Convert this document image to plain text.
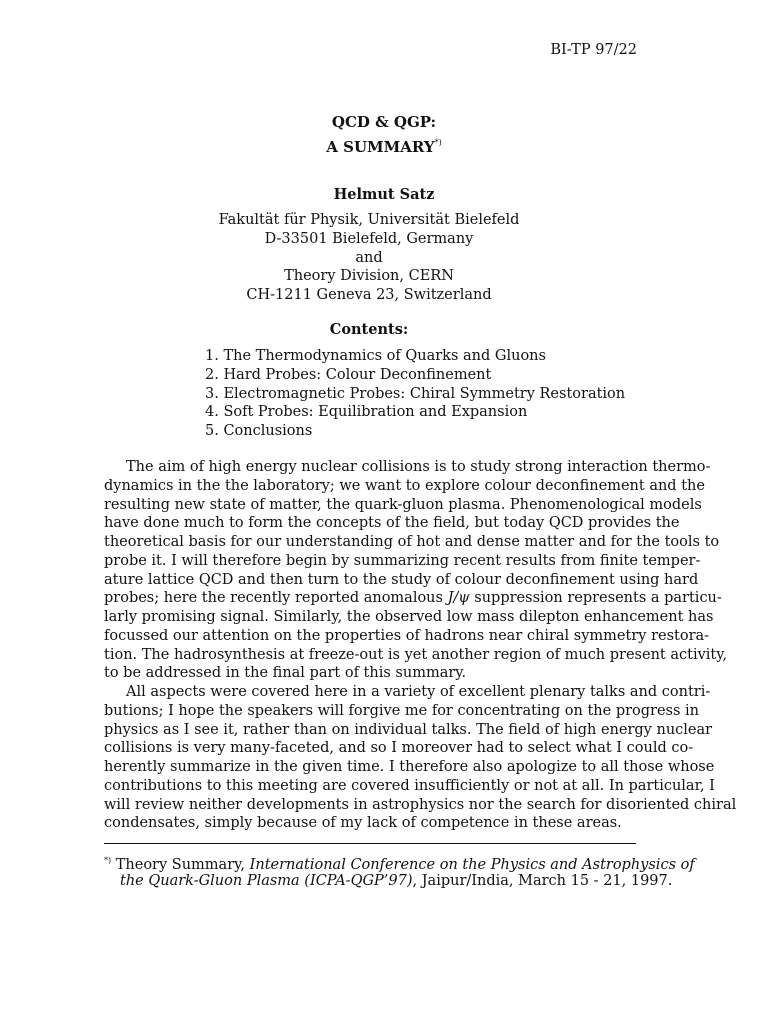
BI-TP 97/22
QCD & QGP:
A SUMMARY*)
Helmut Satz
Fakultät für Physik, Universität Bielefeld
D-33501 Bielefeld, Germany
and
Theory Division, CERN
CH-1211 Geneva 23, Switzerland
Contents:
1. The Thermodynamics of Quarks and Gluons
2. Hard Probes: Colour Deconfinement
3. Electromagnetic Probes: Chiral Symmetry Restoration
4. Soft Probes: Equilibration and Expansion
5. Conclusions
The aim of high energy nuclear collisions is to study strong interaction thermo-
dynamics in the the laboratory; we want to explore colour deconfinement and the
resulting new state of matter, the quark-gluon plasma. Phenomenological models
have done much to form the concepts of the field, but today QCD provides the
theoretical basis for our understanding of hot and dense matter and for the tools to
probe it. I will therefore begin by summarizing recent results from finite temper-
ature lattice QCD and then turn to the study of colour deconfinement using hard
probes; here the recently reported anomalous J/ψ suppression represents a particu-
larly promising signal. Similarly, the observed low mass dilepton enhancement has
focussed our attention on the properties of hadrons near chiral symmetry restora-
tion. The hadrosynthesis at freeze-out is yet another region of much present activity,
to be addressed in the final part of this summary.
All aspects were covered here in a variety of excellent plenary talks and contri-
butions; I hope the speakers will forgive me for concentrating on the progress in
physics as I see it, rather than on individual talks. The field of high energy nuclear
collisions is very many-faceted, and so I moreover had to select what I could co-
herently summarize in the given time. I therefore also apologize to all those whose
contributions to this meeting are covered insufficiently or not at all. In particular, I
will review neither developments in astrophysics nor the search for disoriented chiral
condensates, simply because of my lack of competence in these areas.
*) Theory Summary, International Conference on the Physics and Astrophysics of
the Quark-Gluon Plasma (ICPA-QGP’97), Jaipur/India, March 15 - 21, 1997.
